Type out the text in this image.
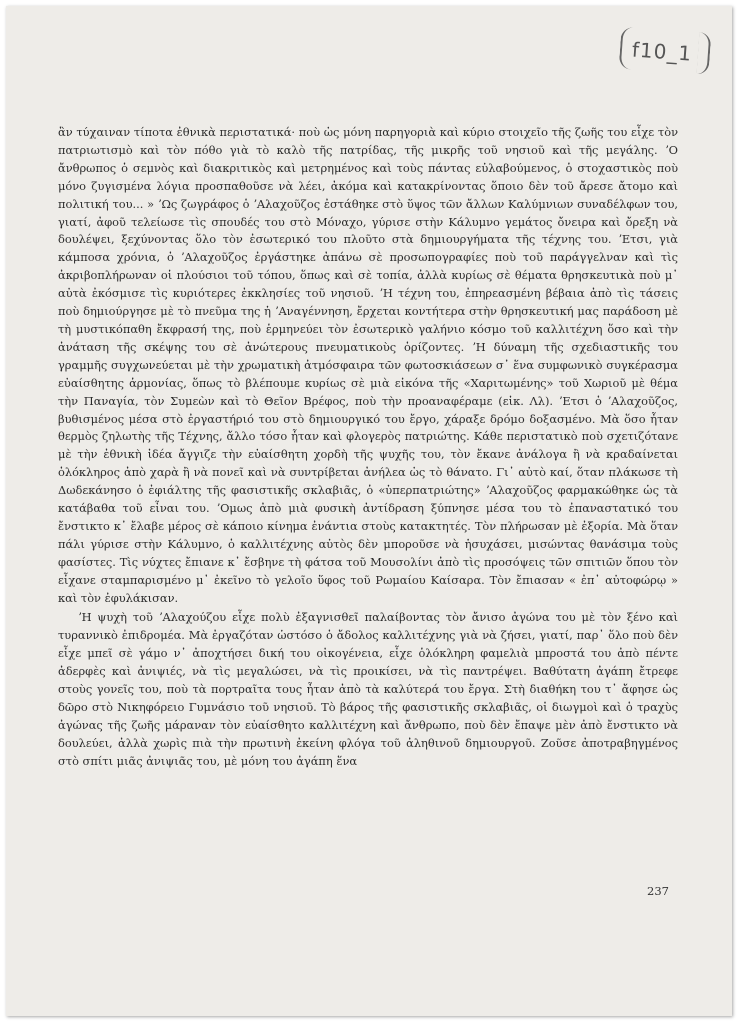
f10_1

ἂν τύχαιναν τίποτα ἐθνικὰ περιστατικά· ποὺ ὡς μόνη παρηγοριὰ καὶ κύριο στοιχεῖο τῆς ζωῆς του εἶχε τὸν πατριωτισμὸ καὶ τὸν πόθο γιὰ τὸ καλὸ τῆς πατρίδας, τῆς μικρῆς τοῦ νησιοῦ καὶ τῆς μεγάλης. ʼΟ ἄνθρωπος ὁ σεμνὸς καὶ διακριτικὸς καὶ μετρημένος καὶ τοὺς πάντας εὐλαβούμενος, ὁ στοχαστικὸς ποὺ μόνο ζυγισμένα λόγια προσπαθοῦσε νὰ λέει, ἀκόμα καὶ κατακρίνοντας ὅποιο δὲν τοῦ ἄρεσε ἄτομο καὶ πολιτική του... » ʼΩς ζωγράφος ὁ ʼΑλαχοῦζος ἐστάθηκε στὸ ὕψος τῶν ἄλλων Καλύμνιων συναδέλφων του, γιατί, ἀφοῦ τελείωσε τὶς σπουδές του στὸ Μόναχο, γύρισε στὴν Κάλυμνο γεμάτος ὄνειρα καὶ ὄρεξη νὰ δουλέψει, ξεχύνοντας ὅλο τὸν ἐσωτερικό του πλοῦτο στὰ δημιουργήματα τῆς τέχνης του. ʼΕτσι, γιὰ κάμποσα χρόνια, ὁ ʼΑλαχοῦζος ἐργάστηκε ἀπάνω σὲ προσωπογραφίες ποὺ τοῦ παράγγελναν καὶ τὶς ἀκριβοπλήρωναν οἱ πλούσιοι τοῦ τόπου, ὅπως καὶ σὲ τοπία, ἀλλὰ κυρίως σὲ θέματα θρησκευτικὰ ποὺ μ᾿ αὐτὰ ἐκόσμισε τὶς κυριότερες ἐκκλησίες τοῦ νησιοῦ. ʼΗ τέχνη του, ἐπηρεασμένη βέβαια ἀπὸ τὶς τάσεις ποὺ δημιούργησε μὲ τὸ πνεῦμα της ἡ ʼΑναγέννηση, ἔρχεται κοντήτερα στὴν θρησκευτική μας παράδοση μὲ τὴ μυστικόπαθη ἔκφρασή της, ποὺ ἑρμηνεύει τὸν ἐσωτερικὸ γαλήνιο κόσμο τοῦ καλλιτέχνη ὅσο καὶ τὴν ἀνάταση τῆς σκέψης του σὲ ἀνώτερους πνευματικοὺς ὁρίζοντες. ʼΗ δύναμη τῆς σχεδιαστικῆς του γραμμῆς συγχωνεύεται μὲ τὴν χρωματικὴ ἀτμόσφαιρα τῶν φωτοσκιάσεων σ᾿ ἕνα συμφωνικὸ συγκέρασμα εὐαίσθητης ἁρμονίας, ὅπως τὸ βλέπουμε κυρίως σὲ μιὰ εἰκόνα τῆς «Χαριτωμένης» τοῦ Χωριοῦ μὲ θέμα τὴν Παναγία, τὸν Συμεὼν καὶ τὸ Θεῖον Βρέφος, ποὺ τὴν προαναφέραμε (εἰκ. Λλ). ʼΕτσι ὁ ʼΑλαχοῦζος, βυθισμένος μέσα στὸ ἐργαστήριό του στὸ δημιουργικό του ἔργο, χάραξε δρόμο δοξασμένο. Μὰ ὅσο ἦταν θερμὸς ζηλωτὴς τῆς Τέχνης, ἄλλο τόσο ἦταν καὶ φλογερὸς πατριώτης. Κάθε περιστατικὸ ποὺ σχετιζότανε μὲ τὴν ἐθνικὴ ἰδέα ἄγγιζε τὴν εὐαίσθητη χορδὴ τῆς ψυχῆς του, τὸν ἔκανε ἀνάλογα ἢ νὰ κραδαίνεται ὁλόκληρος ἀπὸ χαρὰ ἢ νὰ πονεῖ καὶ νὰ συντρίβεται ἀνήλεα ὡς τὸ θάνατο. Γι᾿ αὐτὸ καί, ὅταν πλάκωσε τὴ Δωδεκάνησο ὁ ἐφιάλτης τῆς φασιστικῆς σκλαβιᾶς, ὁ «ὑπερπατριώτης» ʼΑλαχοῦζος φαρμακώθηκε ὡς τὰ κατάβαθα τοῦ εἶναι του. ʼΟμως ἀπὸ μιὰ φυσικὴ ἀντίδραση ξύπνησε μέσα του τὸ ἐπαναστατικό του ἔνστικτο κ᾿ ἔλαβε μέρος σὲ κάποιο κίνημα ἐνάντια στοὺς κατακτητές. Τὸν πλήρωσαν μὲ ἐξορία. Μὰ ὅταν πάλι γύρισε στὴν Κάλυμνο, ὁ καλλιτέχνης αὐτὸς δὲν μποροῦσε νὰ ἡσυχάσει, μισώντας θανάσιμα τοὺς φασίστες. Τὶς νύχτες ἔπιανε κ᾿ ἔσβηνε τὴ φάτσα τοῦ Μουσολίνι ἀπὸ τὶς προσόψεις τῶν σπιτιῶν ὅπου τὸν εἶχανε σταμπαρισμένο μ᾿ ἐκεῖνο τὸ γελοῖο ὕφος τοῦ Ρωμαίου Καίσαρα. Τὸν ἔπιασαν « ἐπ᾿ αὐτοφώρῳ » καὶ τὸν ἐφυλάκισαν.

ʼΗ ψυχὴ τοῦ ʼΑλαχούζου εἶχε πολὺ ἐξαγνισθεῖ παλαίβοντας τὸν ἄνισο ἀγώνα του μὲ τὸν ξένο καὶ τυραννικὸ ἐπιδρομέα. Μὰ ἐργαζόταν ὡστόσο ὁ ἄδολος καλλιτέχνης γιὰ νὰ ζήσει, γιατί, παρ᾿ ὅλο ποὺ δὲν εἶχε μπεῖ σὲ γάμο ν᾿ ἀποχτήσει δική του οἰκογένεια, εἶχε ὁλόκληρη φαμελιὰ μπροστά του ἀπὸ πέντε ἀδερφὲς καὶ ἀνιψιές, νὰ τὶς μεγαλώσει, νὰ τὶς προικίσει, νὰ τὶς παντρέψει. Βαθύτατη ἀγάπη ἔτρεφε στοὺς γονεῖς του, ποὺ τὰ πορτραῖτα τους ἦταν ἀπὸ τὰ καλύτερά του ἔργα. Στὴ διαθήκη του τ᾿ ἄφησε ὡς δῶρο στὸ Νικηφόρειο Γυμνάσιο τοῦ νησιοῦ. Τὸ βάρος τῆς φασιστικῆς σκλαβιᾶς, οἱ διωγμοὶ καὶ ὁ τραχὺς ἀγώνας τῆς ζωῆς μάραναν τὸν εὐαίσθητο καλλιτέχνη καὶ ἄνθρωπο, ποὺ δὲν ἔπαψε μὲν ἀπὸ ἔνστικτο νὰ δουλεύει, ἀλλὰ χωρὶς πιὰ τὴν πρωτινὴ ἐκείνη φλόγα τοῦ ἀληθινοῦ δημιουργοῦ. Ζοῦσε ἀποτραβηγμένος στὸ σπίτι μιᾶς ἀνιψιᾶς του, μὲ μόνη του ἀγάπη ἕνα

237
